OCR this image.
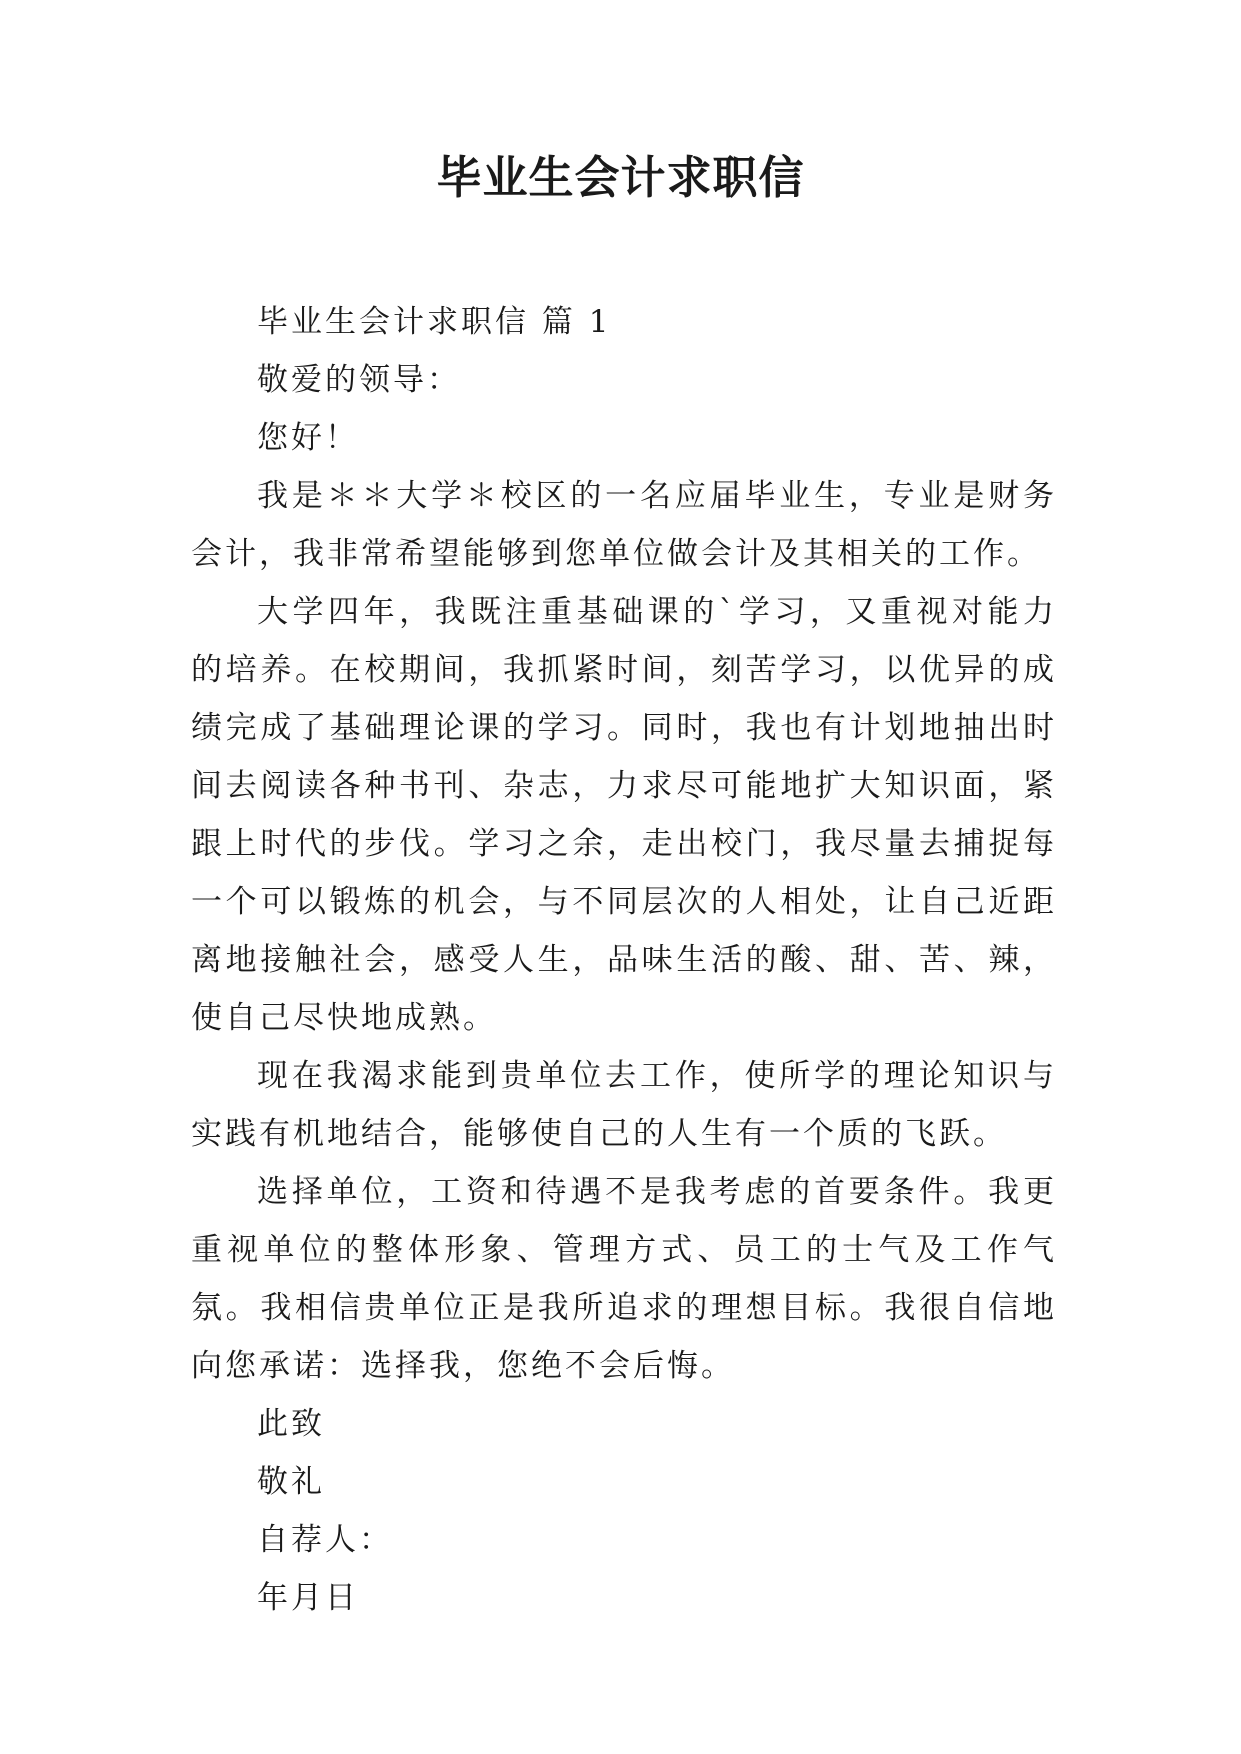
毕业生会计求职信

毕业生会计求职信 篇 1

敬爱的领导：

您好！

我是＊＊大学＊校区的一名应届毕业生，专业是财务会计，我非常希望能够到您单位做会计及其相关的工作。

大学四年，我既注重基础课的`学习，又重视对能力的培养。在校期间，我抓紧时间，刻苦学习，以优异的成绩完成了基础理论课的学习。同时，我也有计划地抽出时间去阅读各种书刊、杂志，力求尽可能地扩大知识面，紧跟上时代的步伐。学习之余，走出校门，我尽量去捕捉每一个可以锻炼的机会，与不同层次的人相处，让自己近距离地接触社会，感受人生，品味生活的酸、甜、苦、辣，使自己尽快地成熟。

现在我渴求能到贵单位去工作，使所学的理论知识与实践有机地结合，能够使自己的人生有一个质的飞跃。

选择单位，工资和待遇不是我考虑的首要条件。我更重视单位的整体形象、管理方式、员工的士气及工作气氛。我相信贵单位正是我所追求的理想目标。我很自信地向您承诺：选择我，您绝不会后悔。

此致

敬礼

自荐人：

年月日
